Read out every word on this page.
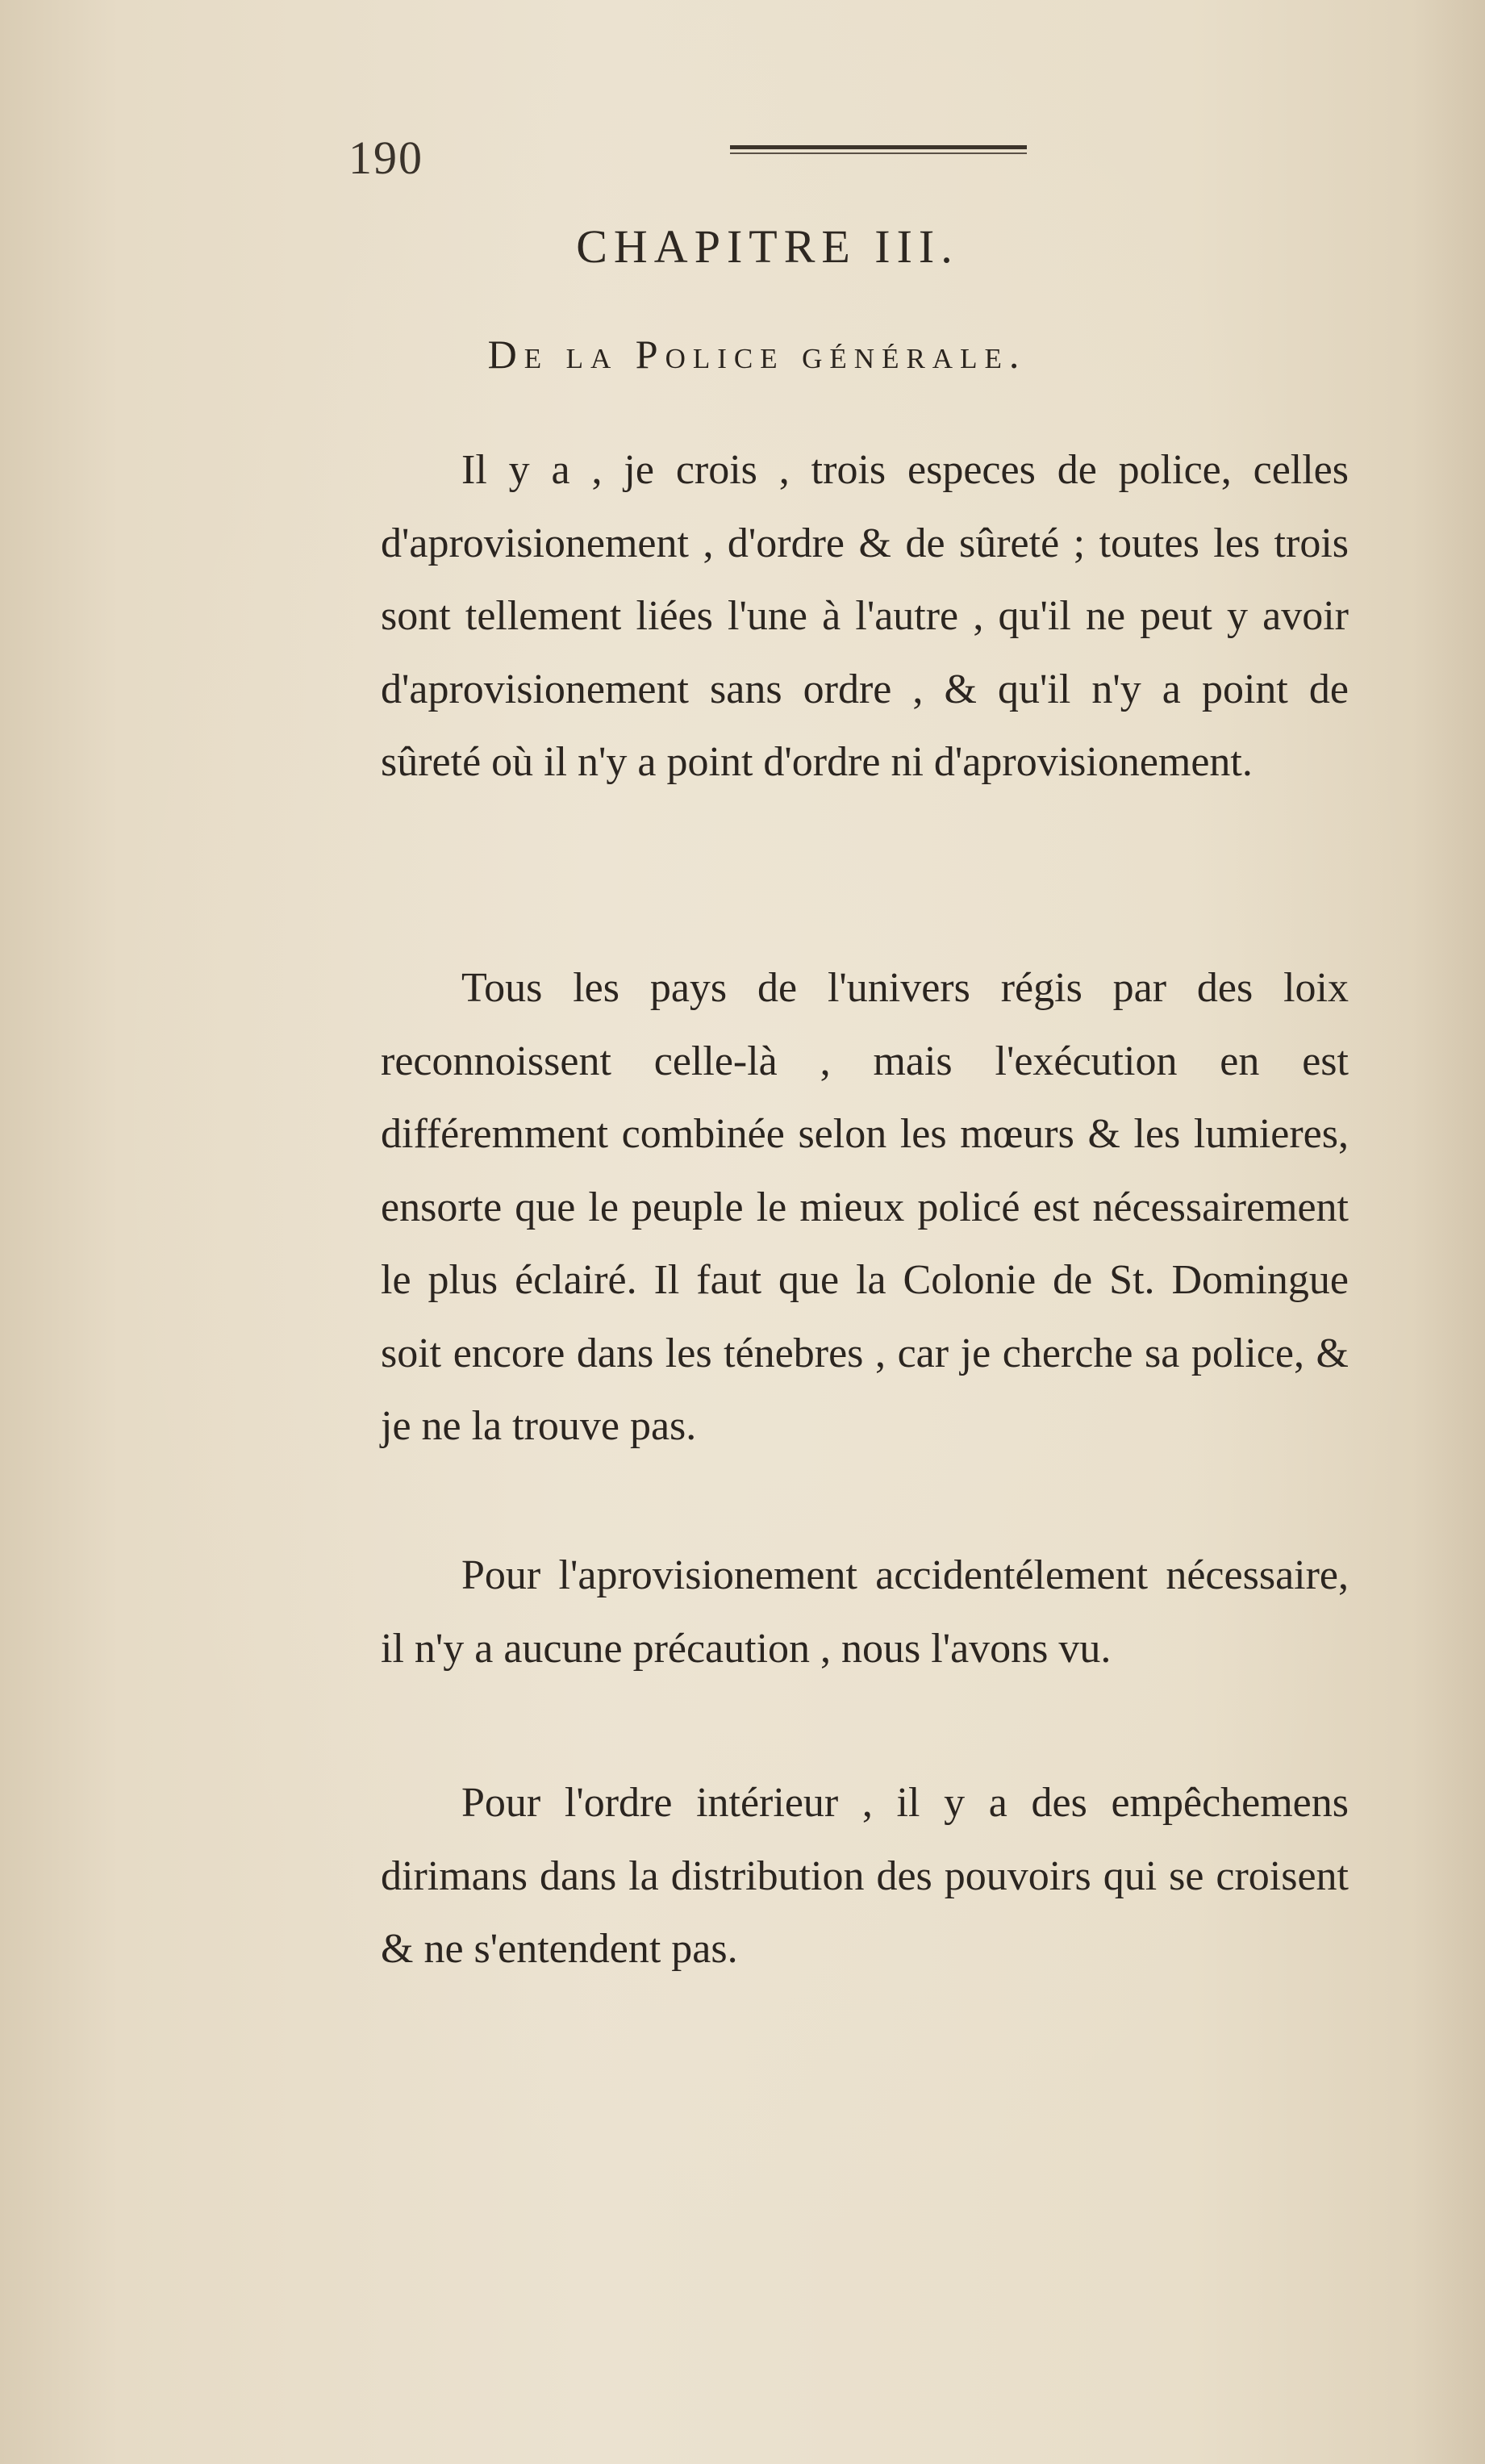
190
CHAPITRE III.
De la Police générale.

Il y a , je crois , trois especes de police, celles d'aprovisionement , d'ordre & de sûreté ; toutes les trois sont tellement liées l'une à l'autre , qu'il ne peut y avoir d'aprovisionement sans ordre , & qu'il n'y a point de sûreté où il n'y a point d'ordre ni d'aprovisionement.

Tous les pays de l'univers régis par des loix reconnoissent celle-là , mais l'exécution en est différemment combinée selon les mœurs & les lumieres, ensorte que le peuple le mieux policé est nécessairement le plus éclairé. Il faut que la Colonie de St. Domingue soit encore dans les ténebres , car je cherche sa police, & je ne la trouve pas.

Pour l'aprovisionement accidentélement nécessaire, il n'y a aucune précaution , nous l'avons vu.

Pour l'ordre intérieur , il y a des empêchemens dirimans dans la distribution des pouvoirs qui se croisent & ne s'entendent pas.
